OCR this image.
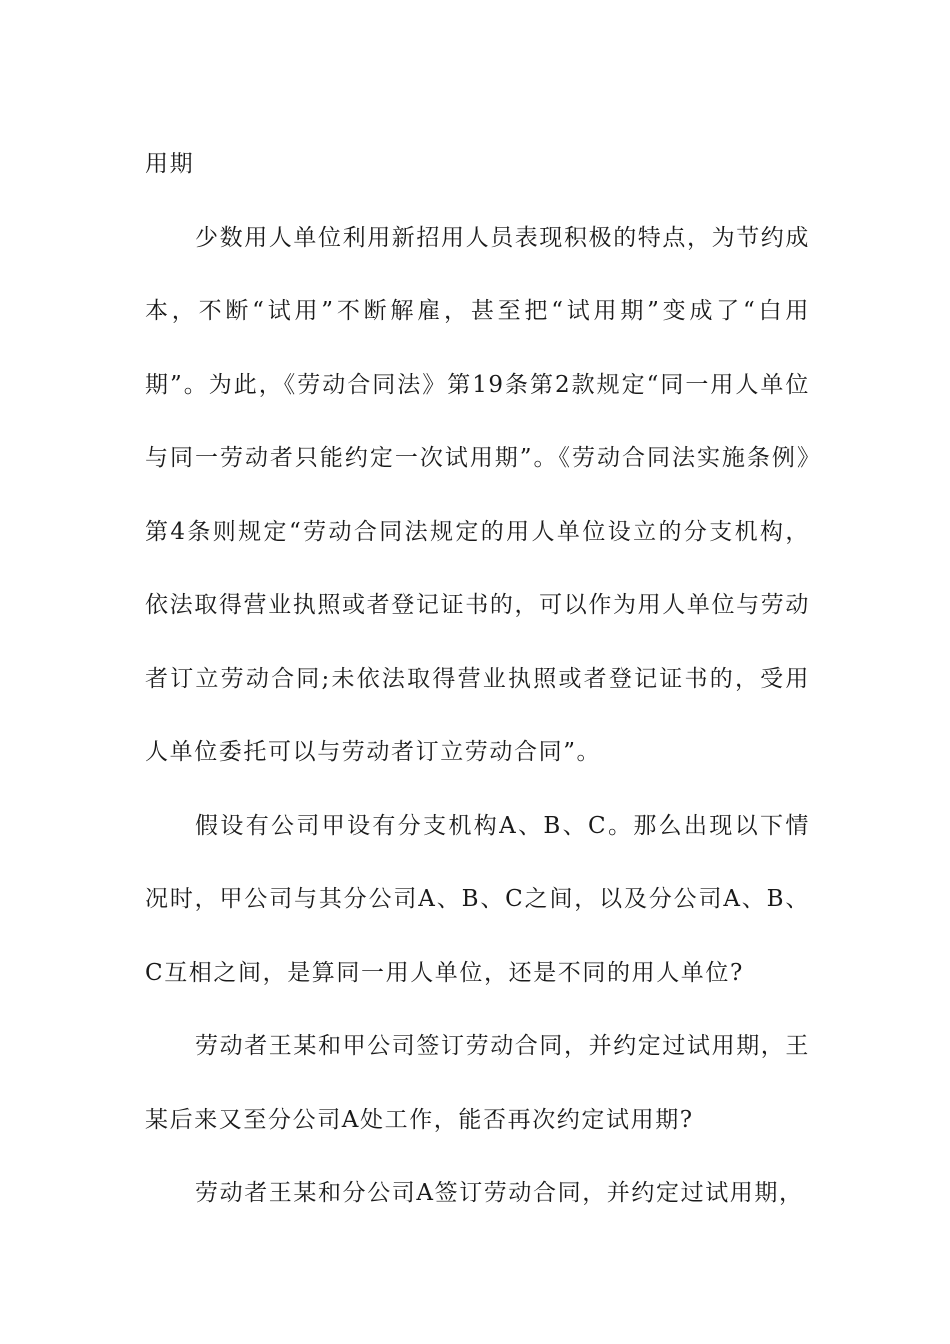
用期

少数用人单位利用新招用人员表现积极的特点，为节约成本，不断“试用”不断解雇，甚至把“试用期”变成了“白用期”。为此，《劳动合同法》第19条第2款规定“同一用人单位与同一劳动者只能约定一次试用期”。《劳动合同法实施条例》第4条则规定“劳动合同法规定的用人单位设立的分支机构，依法取得营业执照或者登记证书的，可以作为用人单位与劳动者订立劳动合同;未依法取得营业执照或者登记证书的，受用人单位委托可以与劳动者订立劳动合同”。

假设有公司甲设有分支机构A、B、C。那么出现以下情况时，甲公司与其分公司A、B、C之间，以及分公司A、B、C互相之间，是算同一用人单位，还是不同的用人单位?

劳动者王某和甲公司签订劳动合同，并约定过试用期，王某后来又至分公司A处工作，能否再次约定试用期?

劳动者王某和分公司A签订劳动合同，并约定过试用期，
